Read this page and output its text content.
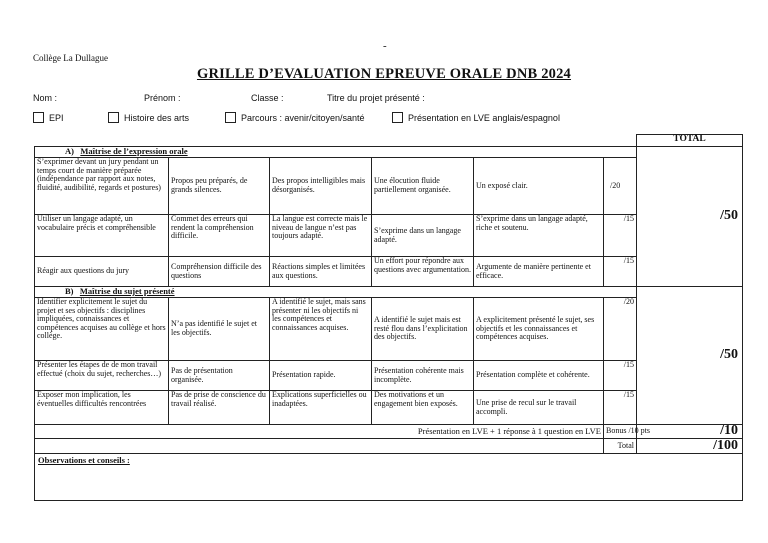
-
Collège La Dullague
GRILLE D’EVALUATION EPREUVE ORALE DNB 2024
Nom :	Prénom :	Classe :	Titre du projet présenté :
EPI	Histoire des arts	Parcours : avenir/citoyen/santé	Présentation en LVE anglais/espagnol
						TOTAL
A) Maîtrise de l’expression orale						/50
S’exprimer devant un jury pendant un temps court de manière préparée (indépendance par rapport aux notes, fluidité, audibilité, regards et postures)	Propos peu préparés, de grands silences.	Des propos intelligibles mais désorganisés.	Une élocution fluide partiellement organisée.	Un exposé clair.	/20	
Utiliser un langage adapté, un vocabulaire précis et compréhensible	Commet des erreurs qui rendent la compréhension difficile.	La langue est correcte mais le niveau de langue n’est pas toujours adapté.	S’exprime dans un langage adapté.	S’exprime dans un langage adapté, riche et soutenu.	/15	
Réagir aux questions du jury	Compréhension difficile des questions	Réactions simples et limitées aux questions.	Un effort pour répondre aux questions avec argumentation.	Argumente de manière pertinente et efficace.	/15	
B) Maîtrise du sujet présenté						/50
Identifier explicitement le sujet du projet et ses objectifs : disciplines impliquées, connaissances et compétences acquises au collège et hors collège.	N’a pas identifié le sujet et les objectifs.	A identifié le sujet, mais sans présenter ni les objectifs ni les compétences et connaissances acquises.	A identifié le sujet mais est resté flou dans l’explicitation des objectifs.	A explicitement présenté le sujet, ses objectifs et les connaissances et compétences acquises.	/20	
Présenter les étapes de de mon travail effectué (choix du sujet, recherches…)	Pas de présentation organisée.	Présentation rapide.	Présentation cohérente mais incomplète.	Présentation complète et cohérente.	/15	
Exposer mon implication, les éventuelles difficultés rencontrées	Pas de prise de conscience du travail réalisé.	Explications superficielles ou inadaptées.	Des motivations et un engagement bien exposés.	Une prise de recul sur le travail accompli.	/15	
Présentation en LVE + 1 réponse à 1 question en LVE					Bonus /10 pts	/10
					Total	/100
Observations et conseils :						
